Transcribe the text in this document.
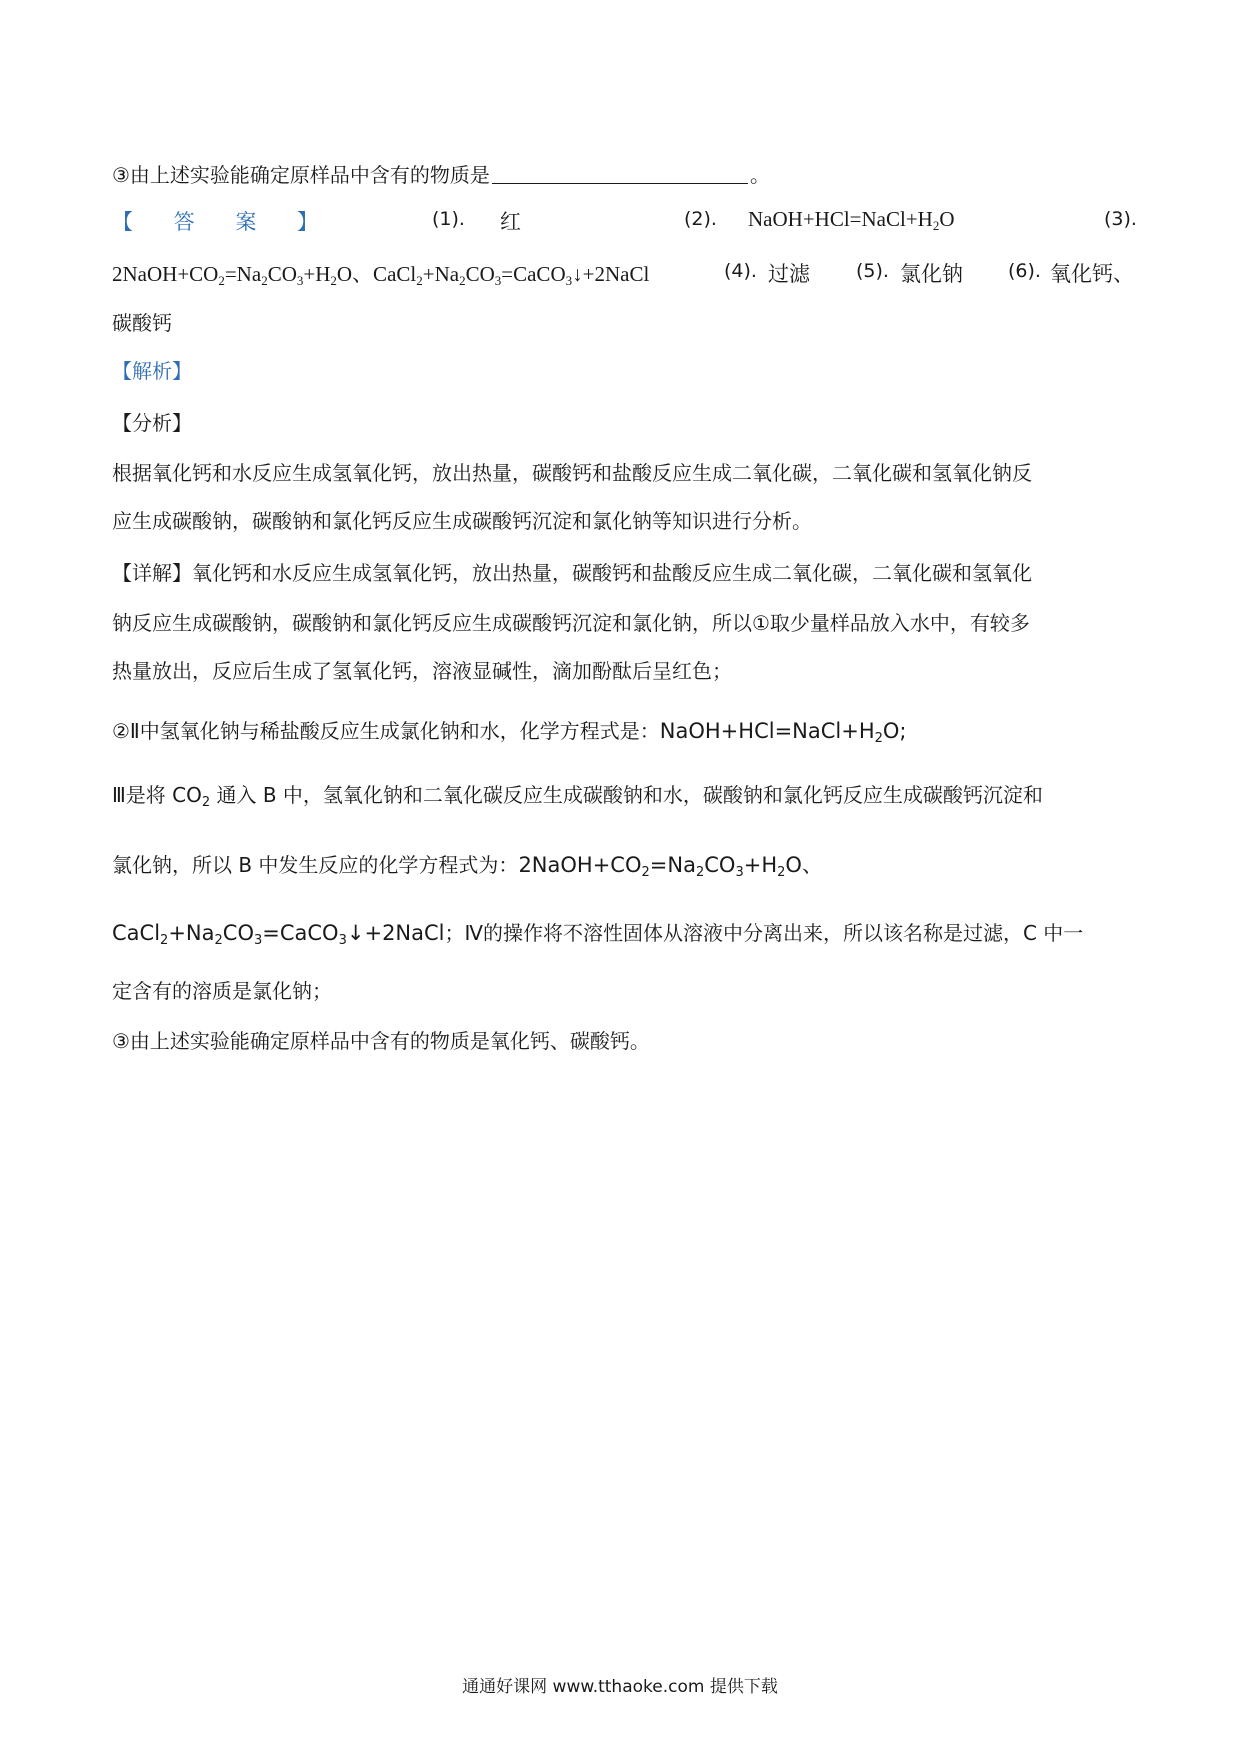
③由上述实验能确定原样品中含有的物质是	。
【 答 案 】	(1). 红	(2). $NaOH+HCl=NaCl+H_2O$	(3).
$2NaOH+CO_2=Na_2CO_3+H_2O$、$CaCl_2+Na_2CO_3=CaCO_3↓+2NaCl$	(4). 过滤 (5). 氯化钠 (6). 氧化钙、
碳酸钙
【解析】
【分析】
根据氧化钙和水反应生成氢氧化钙，放出热量，碳酸钙和盐酸反应生成二氧化碳，二氧化碳和氢氧化钠反
应生成碳酸钠，碳酸钠和氯化钙反应生成碳酸钙沉淀和氯化钠等知识进行分析。
【详解】氧化钙和水反应生成氢氧化钙，放出热量，碳酸钙和盐酸反应生成二氧化碳，二氧化碳和氢氧化
钠反应生成碳酸钠，碳酸钠和氯化钙反应生成碳酸钙沉淀和氯化钠，所以①取少量样品放入水中，有较多
热量放出，反应后生成了氢氧化钙，溶液显碱性，滴加酚酞后呈红色；
②Ⅱ中氢氧化钠与稀盐酸反应生成氯化钠和水，化学方程式是：$NaOH+HCl=NaCl+H_2O$;
Ⅲ是将 $CO_2$ 通入 B 中，氢氧化钠和二氧化碳反应生成碳酸钠和水，碳酸钠和氯化钙反应生成碳酸钙沉淀和
氯化钠，所以 B 中发生反应的化学方程式为：$2NaOH+CO_2=Na_2CO_3+H_2O$、
$CaCl_2+Na_2CO_3=CaCO_3↓+2NaCl$；Ⅳ的操作将不溶性固体从溶液中分离出来，所以该名称是过滤，C 中一
定含有的溶质是氯化钠；
③由上述实验能确定原样品中含有的物质是氧化钙、碳酸钙。
通通好课网 www.tthaoke.com 提供下载
